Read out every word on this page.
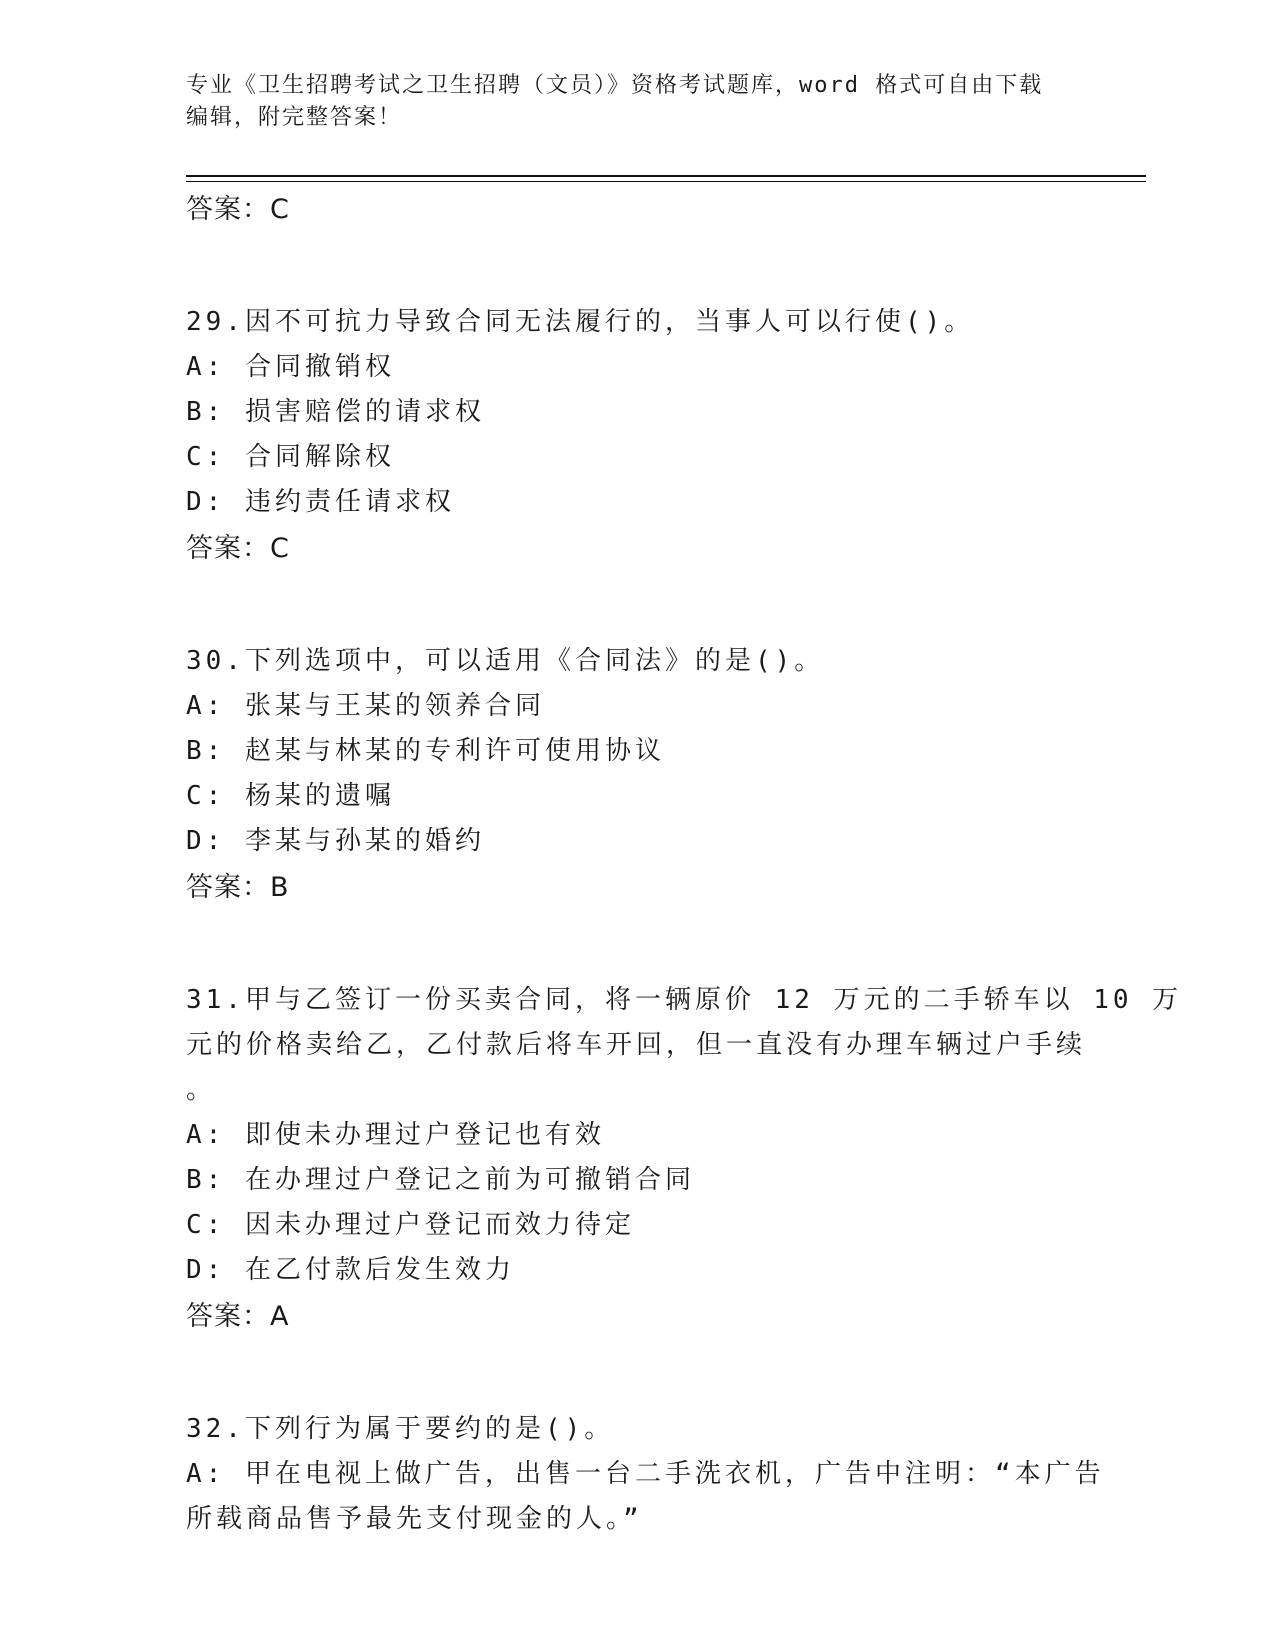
专业《卫生招聘考试之卫生招聘（文员）》资格考试题库，word 格式可自由下载
编辑，附完整答案！
答案：C
29.因不可抗力导致合同无法履行的，当事人可以行使()。
A: 合同撤销权
B: 损害赔偿的请求权
C: 合同解除权
D: 违约责任请求权
答案：C
30.下列选项中，可以适用《合同法》的是()。
A: 张某与王某的领养合同
B: 赵某与林某的专利许可使用协议
C: 杨某的遗嘱
D: 李某与孙某的婚约
答案：B
31.甲与乙签订一份买卖合同，将一辆原价 12 万元的二手轿车以 10 万
元的价格卖给乙，乙付款后将车开回，但一直没有办理车辆过户手续
。
A: 即使未办理过户登记也有效
B: 在办理过户登记之前为可撤销合同
C: 因未办理过户登记而效力待定
D: 在乙付款后发生效力
答案：A
32.下列行为属于要约的是()。
A: 甲在电视上做广告，出售一台二手洗衣机，广告中注明：“本广告
所载商品售予最先支付现金的人。”
